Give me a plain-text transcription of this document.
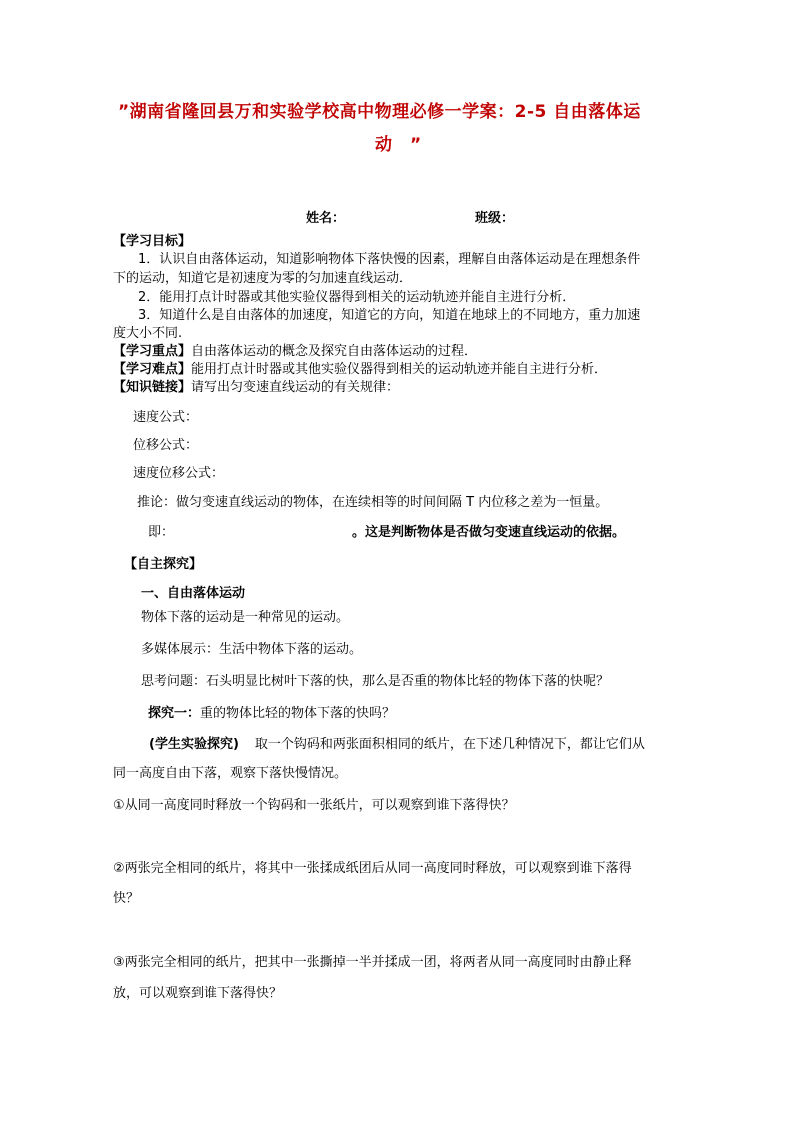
”湖南省隆回县万和实验学校高中物理必修一学案：2-5 自由落体运
动　”
姓名：	班级：
【学习目标】
1．认识自由落体运动，知道影响物体下落快慢的因素，理解自由落体运动是在理想条件
下的运动，知道它是初速度为零的匀加速直线运动．
2．能用打点计时器或其他实验仪器得到相关的运动轨迹并能自主进行分析．
3．知道什么是自由落体的加速度，知道它的方向，知道在地球上的不同地方，重力加速
度大小不同.
【学习重点】自由落体运动的概念及探究自由落体运动的过程．
【学习难点】能用打点计时器或其他实验仪器得到相关的运动轨迹并能自主进行分析．
【知识链接】请写出匀变速直线运动的有关规律：
速度公式：
位移公式：
速度位移公式：
推论：做匀变速直线运动的物体，在连续相等的时间间隔 T 内位移之差为一恒量。
即：	。这是判断物体是否做匀变速直线运动的依据。
【自主探究】
一、自由落体运动
物体下落的运动是一种常见的运动。
多媒体展示：生活中物体下落的运动。
思考问题：石头明显比树叶下落的快，那么是否重的物体比轻的物体下落的快呢？
探究一：重的物体比轻的物体下落的快吗？
(学生实验探究) 取一个钩码和两张面积相同的纸片，在下述几种情况下，都让它们从
同一高度自由下落，观察下落快慢情况。
①从同一高度同时释放一个钩码和一张纸片，可以观察到谁下落得快？
②两张完全相同的纸片，将其中一张揉成纸团后从同一高度同时释放，可以观察到谁下落得
快？
③两张完全相同的纸片，把其中一张撕掉一半并揉成一团，将两者从同一高度同时由静止释
放，可以观察到谁下落得快？
